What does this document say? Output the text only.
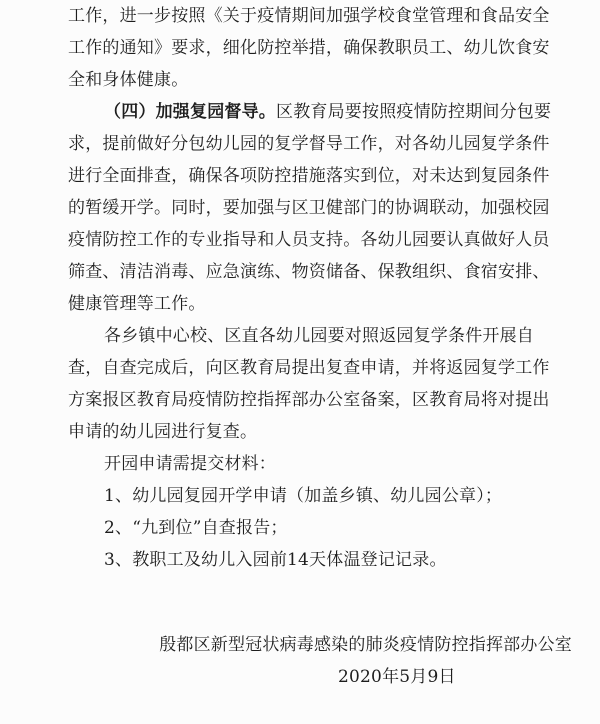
工作，进一步按照《关于疫情期间加强学校食堂管理和食品安全
工作的通知》要求，细化防控举措，确保教职员工、幼儿饮食安
全和身体健康。
（四）加强复园督导。区教育局要按照疫情防控期间分包要
求，提前做好分包幼儿园的复学督导工作，对各幼儿园复学条件
进行全面排查，确保各项防控措施落实到位，对未达到复园条件
的暂缓开学。同时，要加强与区卫健部门的协调联动，加强校园
疫情防控工作的专业指导和人员支持。各幼儿园要认真做好人员
筛查、清洁消毒、应急演练、物资储备、保教组织、食宿安排、
健康管理等工作。
各乡镇中心校、区直各幼儿园要对照返园复学条件开展自
查，自查完成后，向区教育局提出复查申请，并将返园复学工作
方案报区教育局疫情防控指挥部办公室备案，区教育局将对提出
申请的幼儿园进行复查。
开园申请需提交材料：
1、幼儿园复园开学申请（加盖乡镇、幼儿园公章）；
2、“九到位”自查报告；
3、教职工及幼儿入园前14天体温登记记录。
殷都区新型冠状病毒感染的肺炎疫情防控指挥部办公室
2020年5月9日
